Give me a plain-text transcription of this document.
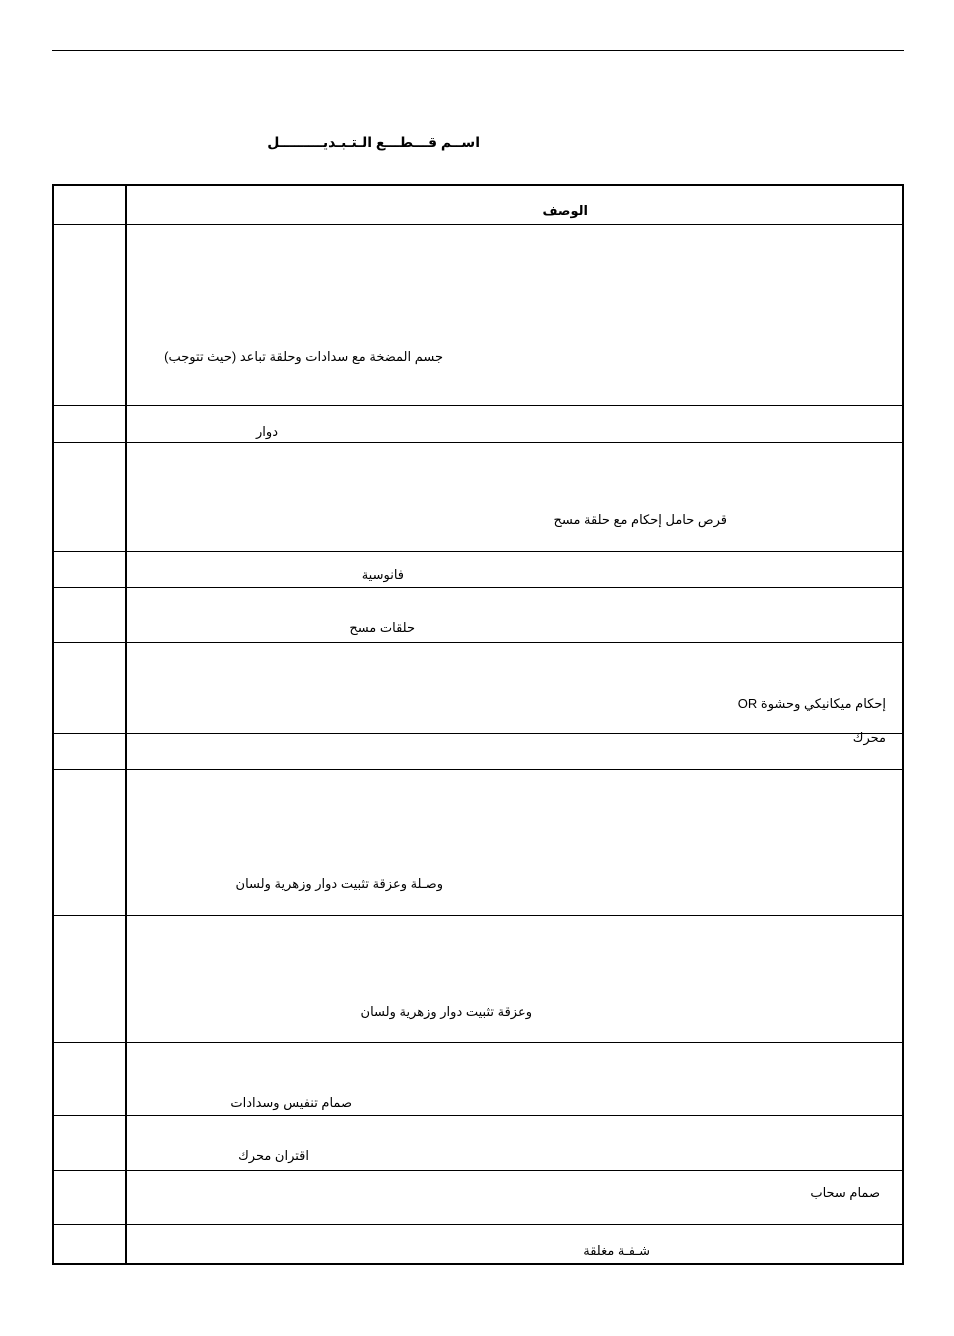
اســم قـــطـــع الـتـبـديـــــــــل
الوصف
جسم المضخة مع سدادات وحلقة تباعد (حيث تتوجب)
دوار
قرص حامل إحكام مع حلقة مسح
فانوسية
حلقات مسح
إحكام ميكانيكي وحشوة OR
محرك
وصـلة وعزقة تثبيت دوار وزهرية ولسان
وعزقة تثبيت دوار وزهرية ولسان
صمام تنفيس وسدادات
اقتران محرك
صمام سحاب
شـفـة مغلقة
